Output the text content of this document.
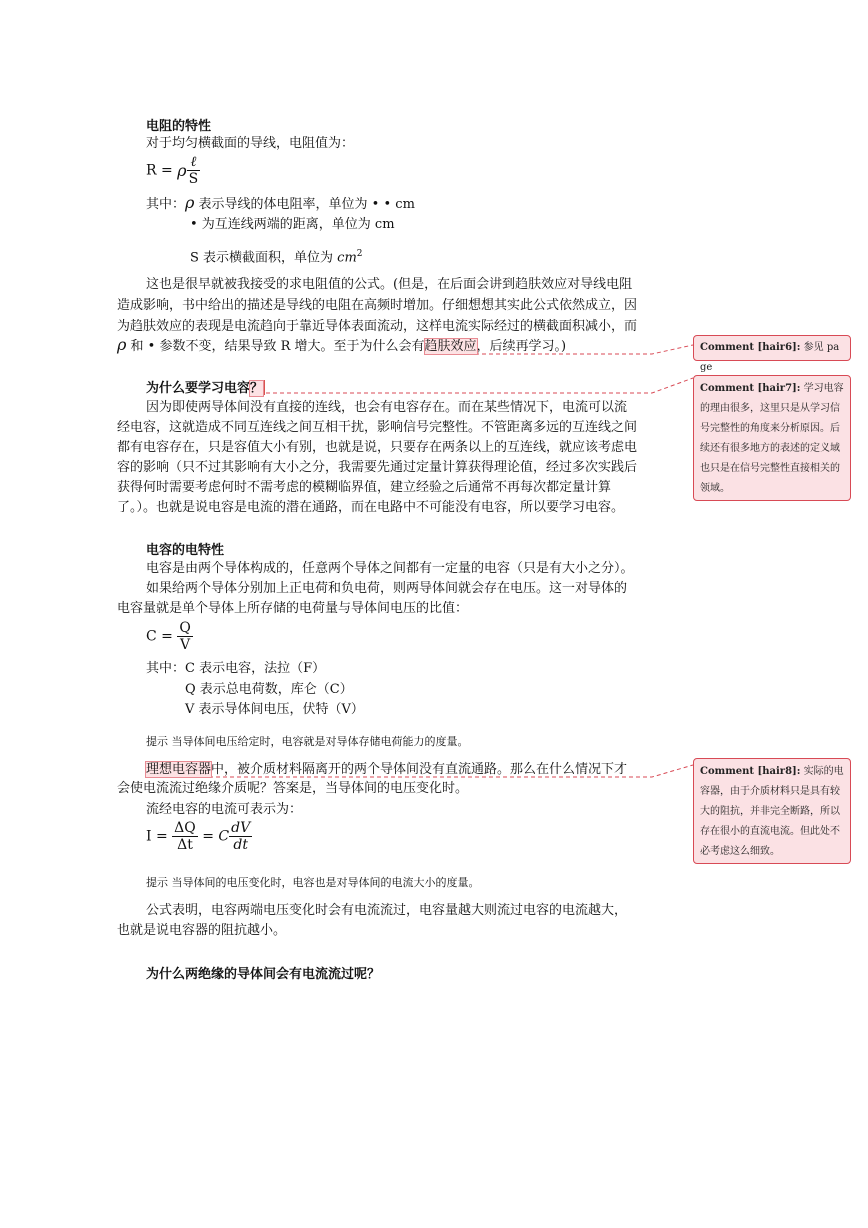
电阻的特性
对于均匀横截面的导线，电阻值为：
R = ρ $\frac{\text{ℓ}}{S}$
其中：ρ 表示导线的体电阻率，单位为 • • cm
• 为互连线两端的距离，单位为 cm
S 表示横截面积，单位为 $cm^2$
这也是很早就被我接受的求电阻值的公式。(但是，在后面会讲到趋肤效应对导线电阻
造成影响，书中给出的描述是导线的电阻在高频时增加。仔细想想其实此公式依然成立，因
为趋肤效应的表现是电流趋向于靠近导体表面流动，这样电流实际经过的横截面积减小，而
ρ 和 • 参数不变，结果导致 R 增大。至于为什么会有趋肤效应，后续再学习。)
为什么要学习电容？
因为即使两导体间没有直接的连线，也会有电容存在。而在某些情况下，电流可以流
经电容，这就造成不同互连线之间互相干扰，影响信号完整性。不管距离多远的互连线之间
都有电容存在，只是容值大小有别，也就是说，只要存在两条以上的互连线，就应该考虑电
容的影响（只不过其影响有大小之分，我需要先通过定量计算获得理论值，经过多次实践后
获得何时需要考虑何时不需考虑的模糊临界值，建立经验之后通常不再每次都定量计算
了。）。也就是说电容是电流的潜在通路，而在电路中不可能没有电容，所以要学习电容。
电容的电特性
电容是由两个导体构成的，任意两个导体之间都有一定量的电容（只是有大小之分）。
如果给两个导体分别加上正电荷和负电荷，则两导体间就会存在电压。这一对导体的
电容量就是单个导体上所存储的电荷量与导体间电压的比值：
$C = \frac{Q}{V}$
其中：C 表示电容，法拉（F）
Q 表示总电荷数，库仑（C）
V 表示导体间电压，伏特（V）
提示 当导体间电压给定时，电容就是对导体存储电荷能力的度量。
理想电容器中，被介质材料隔离开的两个导体间没有直流通路。那么在什么情况下才
会使电流流过绝缘介质呢？答案是，当导体间的电压变化时。
流经电容的电流可表示为：
$I = \frac{\Delta Q}{\Delta t} = C \frac{dV}{dt}$
提示 当导体间的电压变化时，电容也是对导体间的电流大小的度量。
公式表明，电容两端电压变化时会有电流流过，电容量越大则流过电容的电流越大，
也就是说电容器的阻抗越小。
为什么两绝缘的导体间会有电流流过呢？
Comment [hair6]: 参见 page
Comment [hair7]: 学习电容的理由很多，这里只是从学习信号完整性的角度来分析原因。后续还有很多地方的表述的定义域也只是在信号完整性直接相关的领域。
Comment [hair8]: 实际的电容器，由于介质材料只是具有较大的阻抗，并非完全断路，所以存在很小的直流电流。但此处不必考虑这么细致。
